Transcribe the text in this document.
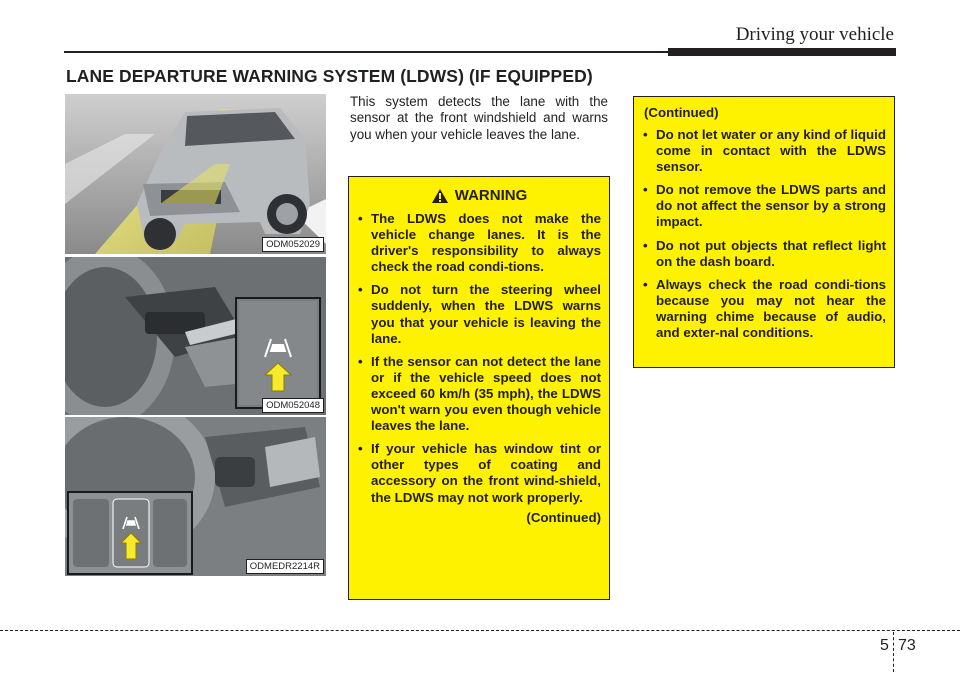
Driving your vehicle
LANE DEPARTURE WARNING SYSTEM (LDWS) (IF EQUIPPED)
ODM052029
ODM052048
ODMEDR2214R
This system detects the lane with the sensor at the front windshield and warns you when your vehicle leaves the lane.
WARNING
• The LDWS does not make the vehicle change lanes. It is the driver's responsibility to always check the road condi-tions.
• Do not turn the steering wheel suddenly, when the LDWS warns you that your vehicle is leaving the lane.
• If the sensor can not detect the lane or if the vehicle speed does not exceed 60 km/h (35 mph), the LDWS won't warn you even though vehicle leaves the lane.
• If your vehicle has window tint or other types of coating and accessory on the front wind-shield, the LDWS may not work properly.
(Continued)
(Continued)
• Do not let water or any kind of liquid come in contact with the LDWS sensor.
• Do not remove the LDWS parts and do not affect the sensor by a strong impact.
• Do not put objects that reflect light on the dash board.
• Always check the road condi-tions because you may not hear the warning chime because of audio, and exter-nal conditions.
5 73
